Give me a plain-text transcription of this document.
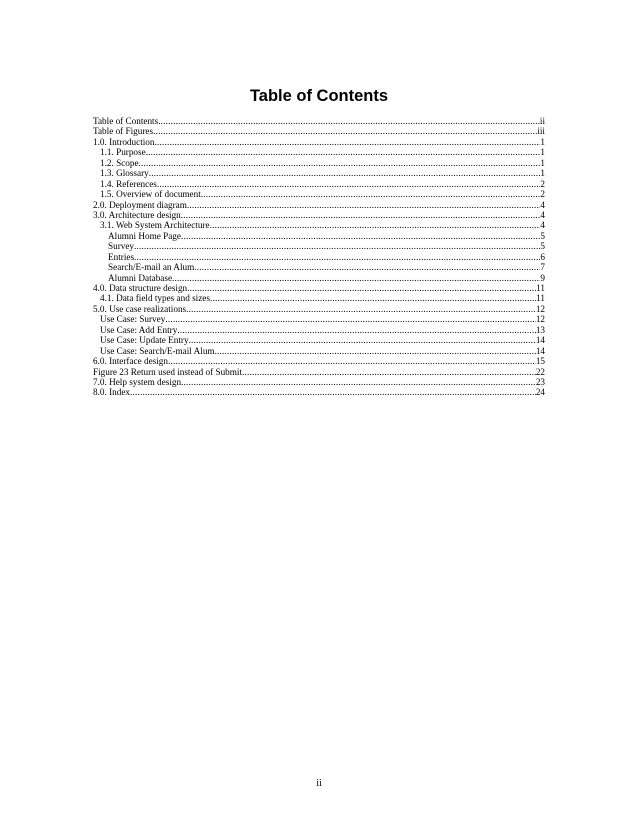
Table of Contents
Table of Contents .....	ii
Table of Figures .....	iii
1.0. Introduction .....	1
1.1. Purpose .....	1
1.2. Scope .....	1
1.3. Glossary .....	1
1.4. References .....	2
1.5. Overview of document .....	2
2.0. Deployment diagram .....	4
3.0. Architecture design .....	4
3.1. Web System Architecture .....	4
Alumni Home Page .....	5
Survey .....	5
Entries .....	6
Search/E-mail an Alum .....	7
Alumni Database .....	9
4.0. Data structure design .....	11
4.1. Data field types and sizes .....	11
5.0. Use case realizations .....	12
Use Case: Survey .....	12
Use Case: Add Entry .....	13
Use Case: Update Entry .....	14
Use Case: Search/E-mail Alum .....	14
6.0. Interface design .....	15
Figure 23 Return used instead of Submit .....	22
7.0. Help system design .....	23
8.0. Index .....	24
ii
